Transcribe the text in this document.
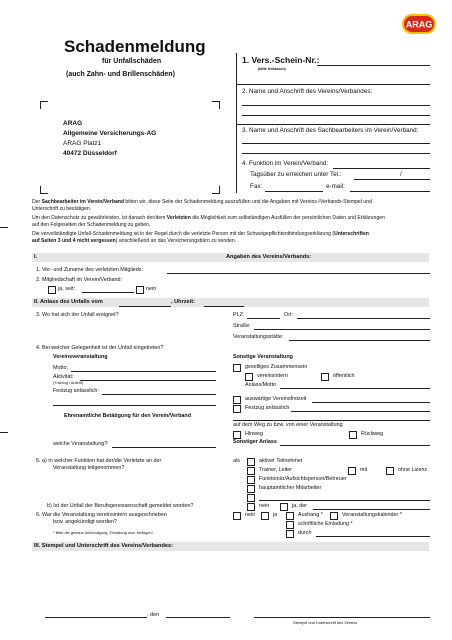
ARAG
Schadenmeldung
für Unfallschäden
(auch Zahn- und Brillenschäden)
ARAG
Allgemeine Versicherungs-AG
ARAG Platz1
40472 Düsseldorf
1. Vers.-Schein-Nr.:
(bitte freilassen)
2. Name und Anschrift des Vereins/Verbandes:
3. Name und Anschrift des Sachbearbeiters im Verein/Verband:
4. Funktion im Verein/Verband:
Tagsüber zu erreichen unter Tel.:	/
Fax:	e-mail:
Der Sachbearbeiter im Verein/Verband bitten wir, diese Seite der Schadenmeldung auszufüllen und die Angaben mit Vereins-/Verbands-Stempel und
Unterschrift zu bestätigen.
Um den Datenschutz zu gewährleisten, ist danach der/dem Verletzten die Möglichkeit zum selbständigen Ausfüllen der persönlichen Daten und Erklärungen
auf den Folgeseiten der Schadenmeldung zu geben.
Die vervollständigte Unfall-Schadenmeldung ist in der Regel durch die verletzte Person mit der Schweigepflichtentbindungserklärung (Unterschriften
auf Seiten 3 und 4 nicht vergessen) anschließend an das Versicherungsbüro zu senden.
I.	Angaben des Vereins/Verbands:
1. Vor- und Zuname des verletzten Mitglieds:
2. Mitgliedschaft im Verein/Verband:
ja, seit:	nein
II. Anlass des Unfalls vom	, Uhrzeit:
3. Wo hat sich der Unfall ereignet?	PLZ:	Ort:
Straße:
Veranstaltungsstätte:
4. Bei welcher Gelegenheit ist der Unfall eingetreten?
Vereinsveranstaltung
Motto:
Aktivität:
(Training / Auftritt)
Festzug anlässlich:
Ehrenamtliche Betätigung für den Verein/Verband
welche Veranstaltung?:
Sonstige Veranstaltung
geselliges Zusammensein
vereinsintern	öffentlich
Anlass/Motto
auswärtige Vereinsfreizeit
Festzug anlässlich
auf dem Weg zu bzw. von einer Veranstaltung
Hinweg	Rückweg
Sonstiger Anlass
5. a) In welcher Funktion hat der/die Verletzte an der
Veranstaltung teilgenommen?
als	aktiver Teilnehmer
Trainer, Leiter	mit	ohne Lizenz
Funktionär/Aufsichtsperson/Betreuer
hauptamtlicher Mitarbeiter
b) Ist der Unfall der Berufsgenossenschaft gemeldet worden?	nein	ja, der
6. War die Veranstaltung vereinsintern ausgeschrieben
bzw. angekündigt worden?
* Bitte die genaue Ankündigung, Einladung usw. beifügen!
nein	ja	Aushang *	Veranstaltungskalender *
schriftliche Einladung *
durch
III. Stempel und Unterschrift des Vereins/Verbandes:
, den
Stempel und Unterschrift des Vereins
